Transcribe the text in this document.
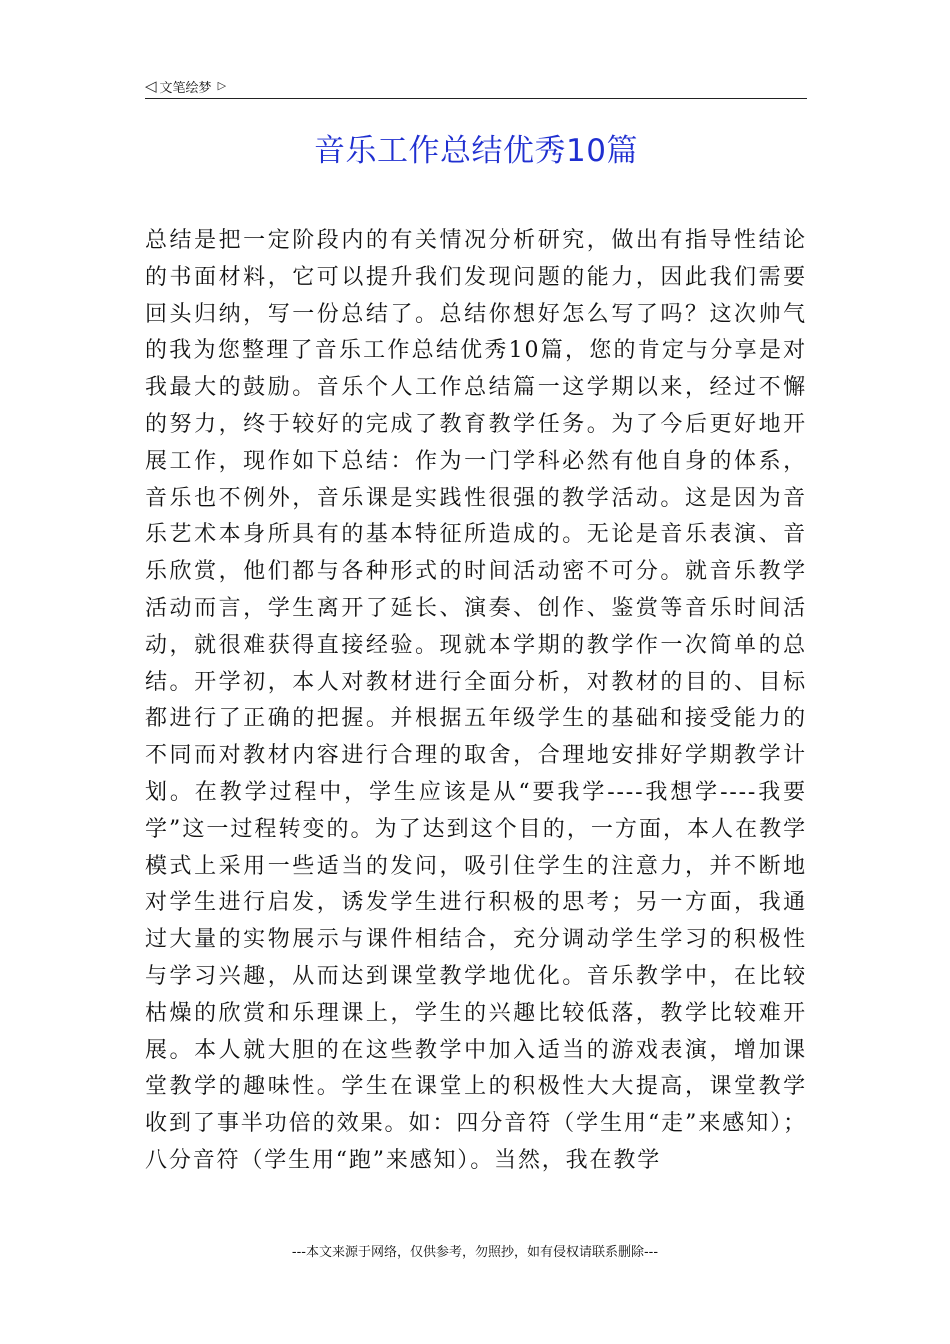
◁ 文笔绘梦 ▷
音乐工作总结优秀10篇

总结是把一定阶段内的有关情况分析研究，做出有指导性结论的书面材料，它可以提升我们发现问题的能力，因此我们需要回头归纳，写一份总结了。总结你想好怎么写了吗？这次帅气的我为您整理了音乐工作总结优秀10篇，您的肯定与分享是对我最大的鼓励。音乐个人工作总结篇一这学期以来，经过不懈的努力，终于较好的完成了教育教学任务。为了今后更好地开展工作，现作如下总结：作为一门学科必然有他自身的体系，音乐也不例外，音乐课是实践性很强的教学活动。这是因为音乐艺术本身所具有的基本特征所造成的。无论是音乐表演、音乐欣赏，他们都与各种形式的时间活动密不可分。就音乐教学活动而言，学生离开了延长、演奏、创作、鉴赏等音乐时间活动，就很难获得直接经验。现就本学期的教学作一次简单的总结。开学初，本人对教材进行全面分析，对教材的目的、目标都进行了正确的把握。并根据五年级学生的基础和接受能力的不同而对教材内容进行合理的取舍，合理地安排好学期教学计划。在教学过程中，学生应该是从“要我学----我想学----我要学”这一过程转变的。为了达到这个目的，一方面，本人在教学模式上采用一些适当的发问，吸引住学生的注意力，并不断地对学生进行启发，诱发学生进行积极的思考；另一方面，我通过大量的实物展示与课件相结合，充分调动学生学习的积极性与学习兴趣，从而达到课堂教学地优化。音乐教学中，在比较枯燥的欣赏和乐理课上，学生的兴趣比较低落，教学比较难开展。本人就大胆的在这些教学中加入适当的游戏表演，增加课堂教学的趣味性。学生在课堂上的积极性大大提高，课堂教学收到了事半功倍的效果。如：四分音符（学生用“走”来感知）；八分音符（学生用“跑”来感知）。当然，我在教学

---本文来源于网络，仅供参考，勿照抄，如有侵权请联系删除---
